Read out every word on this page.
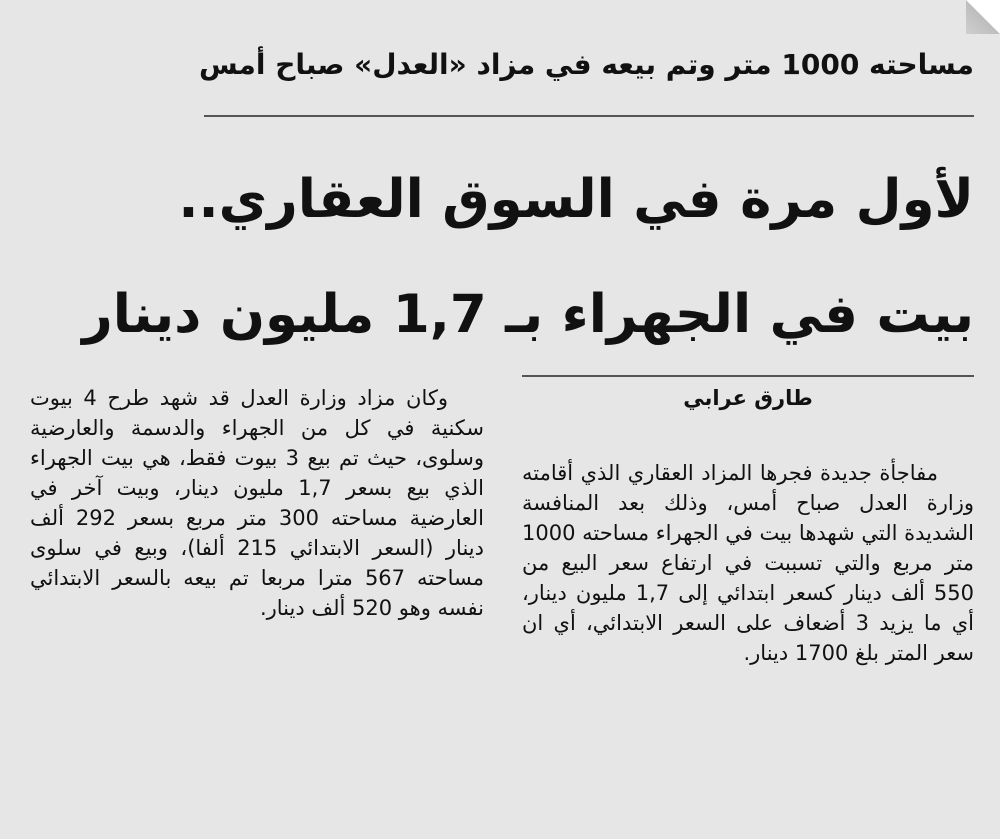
مساحته 1000 متر وتم بيعه في مزاد «العدل» صباح أمس
لأول مرة في السوق العقاري..
بيت في الجهراء بـ 1,7 مليون دينار
طارق عرابي

مفاجأة جديدة فجرها المزاد العقاري الذي أقامته وزارة العدل صباح أمس، وذلك بعد المنافسة الشديدة التي شهدها بيت في الجهراء مساحته 1000 متر مربع والتي تسببت في ارتفاع سعر البيع من 550 ألف دينار كسعر ابتدائي إلى 1,7 مليون دينار، أي ما يزيد 3 أضعاف على السعر الابتدائي، أي ان سعر المتر بلغ 1700 دينار.

وكان مزاد وزارة العدل قد شهد طرح 4 بيوت سكنية في كل من الجهراء والدسمة والعارضية وسلوى، حيث تم بيع 3 بيوت فقط، هي بيت الجهراء الذي بيع بسعر 1,7 مليون دينار، وبيت آخر في العارضية مساحته 300 متر مربع بسعر 292 ألف دينار (السعر الابتدائي 215 ألفا)، وبيع في سلوى مساحته 567 مترا مربعا تم بيعه بالسعر الابتدائي نفسه وهو 520 ألف دينار.
